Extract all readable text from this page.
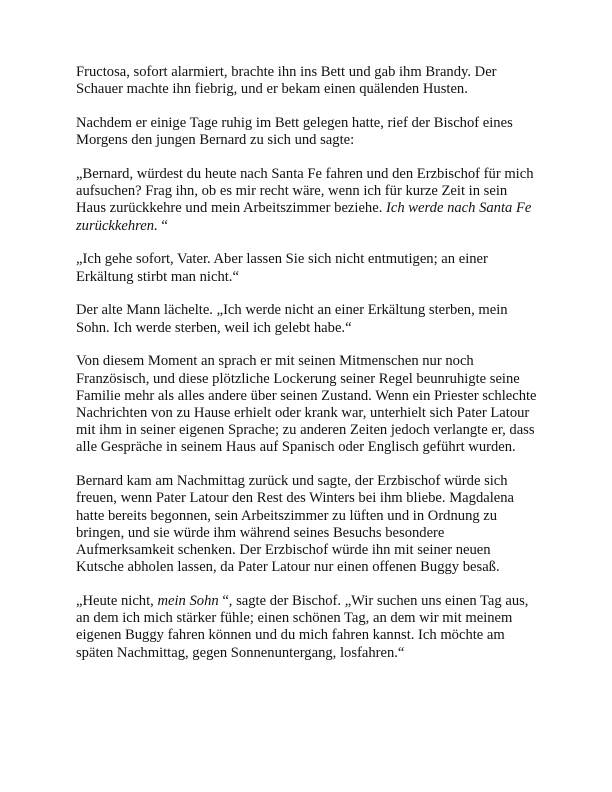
Fructosa, sofort alarmiert, brachte ihn ins Bett und gab ihm Brandy. Der Schauer machte ihn fiebrig, und er bekam einen quälenden Husten.

Nachdem er einige Tage ruhig im Bett gelegen hatte, rief der Bischof eines Morgens den jungen Bernard zu sich und sagte:

„Bernard, würdest du heute nach Santa Fe fahren und den Erzbischof für mich aufsuchen? Frag ihn, ob es mir recht wäre, wenn ich für kurze Zeit in sein Haus zurückkehre und mein Arbeitszimmer beziehe. Ich werde nach Santa Fe zurückkehren. “

„Ich gehe sofort, Vater. Aber lassen Sie sich nicht entmutigen; an einer Erkältung stirbt man nicht.“

Der alte Mann lächelte. „Ich werde nicht an einer Erkältung sterben, mein Sohn. Ich werde sterben, weil ich gelebt habe.“

Von diesem Moment an sprach er mit seinen Mitmenschen nur noch Französisch, und diese plötzliche Lockerung seiner Regel beunruhigte seine Familie mehr als alles andere über seinen Zustand. Wenn ein Priester schlechte Nachrichten von zu Hause erhielt oder krank war, unterhielt sich Pater Latour mit ihm in seiner eigenen Sprache; zu anderen Zeiten jedoch verlangte er, dass alle Gespräche in seinem Haus auf Spanisch oder Englisch geführt wurden.

Bernard kam am Nachmittag zurück und sagte, der Erzbischof würde sich freuen, wenn Pater Latour den Rest des Winters bei ihm bliebe. Magdalena hatte bereits begonnen, sein Arbeitszimmer zu lüften und in Ordnung zu bringen, und sie würde ihm während seines Besuchs besondere Aufmerksamkeit schenken. Der Erzbischof würde ihn mit seiner neuen Kutsche abholen lassen, da Pater Latour nur einen offenen Buggy besaß.

„Heute nicht, mein Sohn “, sagte der Bischof. „Wir suchen uns einen Tag aus, an dem ich mich stärker fühle; einen schönen Tag, an dem wir mit meinem eigenen Buggy fahren können und du mich fahren kannst. Ich möchte am späten Nachmittag, gegen Sonnenuntergang, losfahren.“
